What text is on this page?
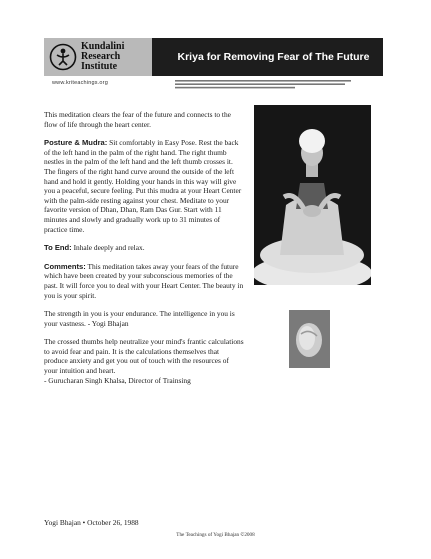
Kundalini
Research
Institute
Kriya for Removing Fear of The Future
www.kriteachings.org

This meditation clears the fear of the future and connects to the flow of life through the heart center.

Posture & Mudra: Sit comfortably in Easy Pose. Rest the back of the left hand in the palm of the right hand. The right thumb nestles in the palm of the left hand and the left thumb crosses it. The fingers of the right hand curve around the outside of the left hand and hold it gently. Holding your hands in this way will give you a peaceful, secure feeling. Put this mudra at your Heart Center with the palm-side resting against your chest. Meditate to your favorite version of Dhan, Dhan, Ram Das Gur. Start with 11 minutes and slowly and gradually work up to 31 minutes of practice time.

To End: Inhale deeply and relax.

Comments: This meditation takes away your fears of the future which have been created by your subconscious memories of the past. It will force you to deal with your Heart Center. The beauty in you is your spirit.

The strength in you is your endurance. The intelligence in you is your vastness. - Yogi Bhajan

The crossed thumbs help neutralize your mind's frantic calculations to avoid fear and pain. It is the calculations themselves that produce anxiety and get you out of touch with the resources of your intuition and heart.
- Gurucharan Singh Khalsa, Director of Trainsing

Yogi Bhajan • October 26, 1988
The Teachings of Yogi Bhajan ©2008
